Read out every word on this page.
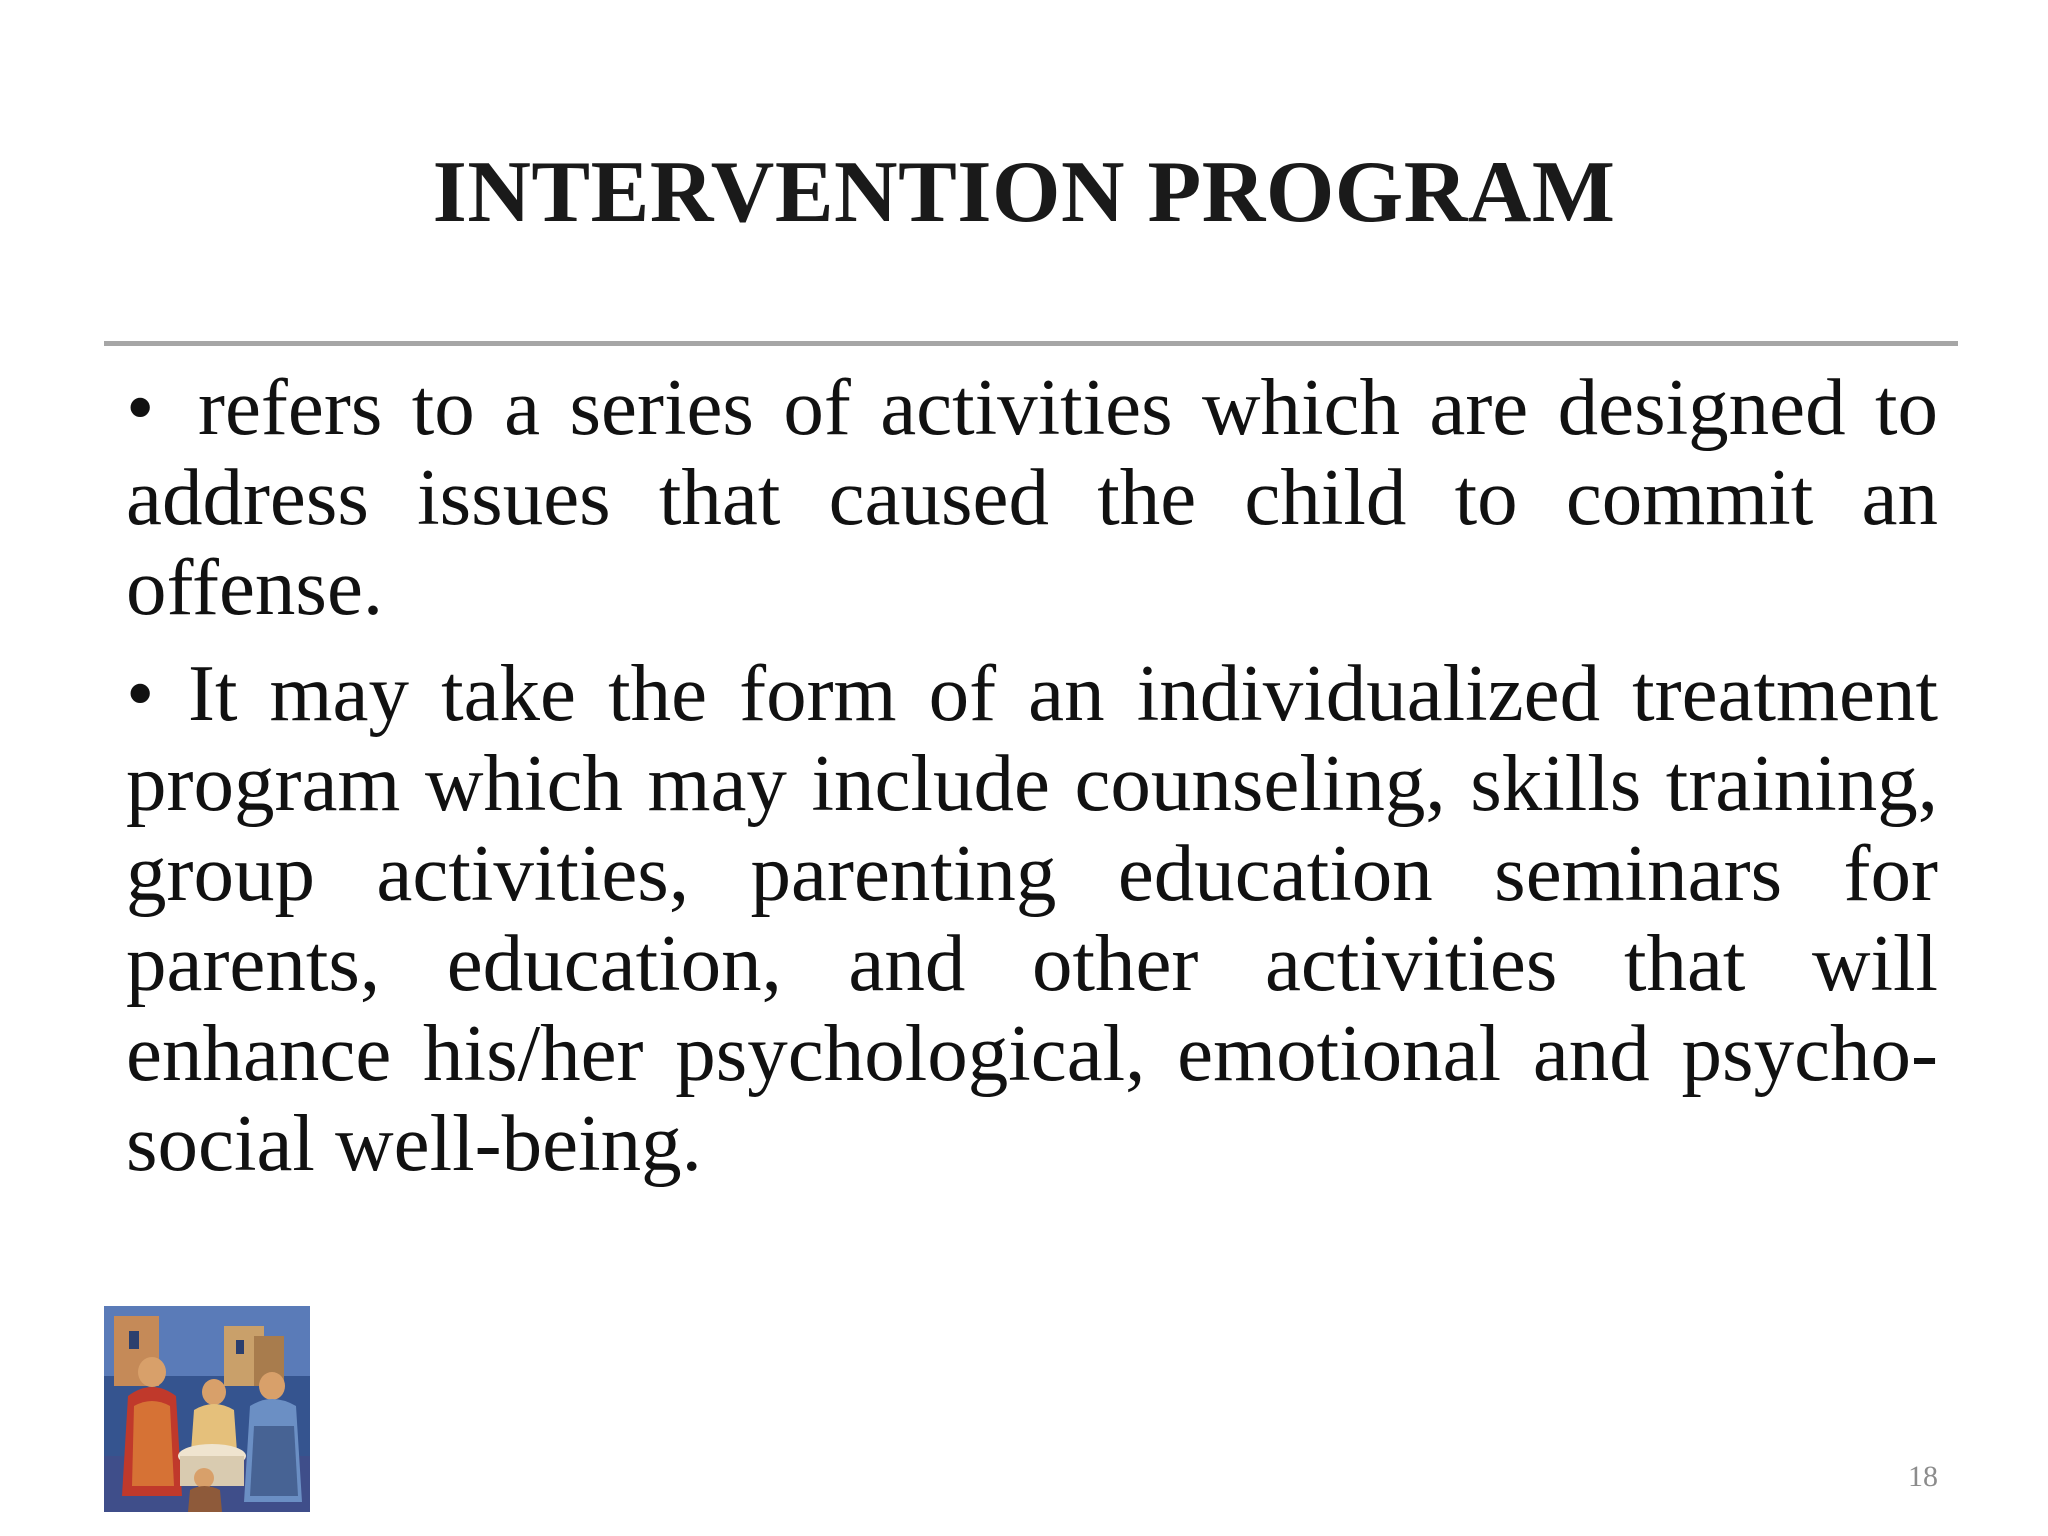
INTERVENTION PROGRAM

• refers to a series of activities which are designed to address issues that caused the child to commit an offense.

• It may take the form of an individualized treatment program which may include counseling, skills training, group activities, parenting education seminars for parents, education, and other activities that will enhance his/her psychological, emotional and psycho-social well-being.

18
